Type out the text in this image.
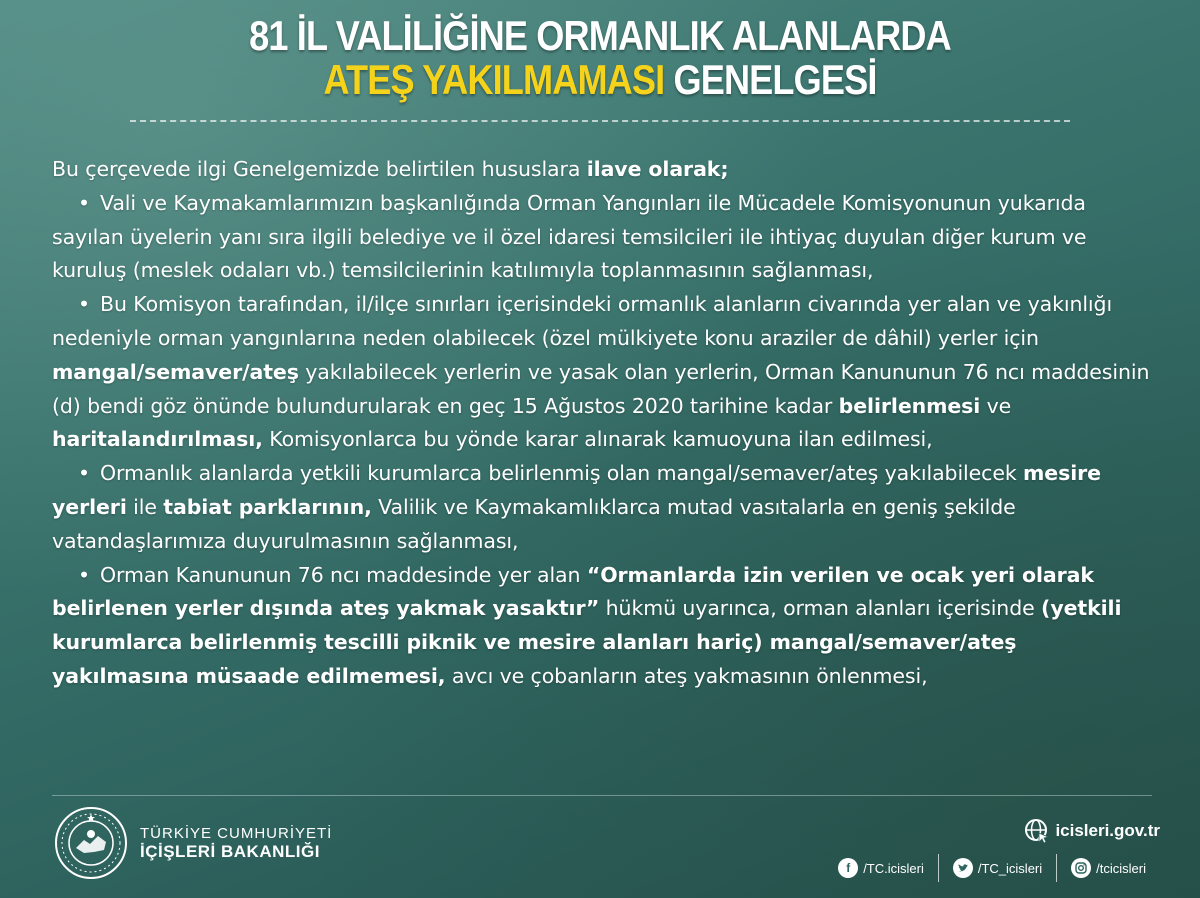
81 İL VALİLİĞİNE ORMANLIK ALANLARDA
ATEŞ YAKILMAMASI GENELGESİ

Bu çerçevede ilgi Genelgemizde belirtilen hususlara ilave olarak;

• Vali ve Kaymakamlarımızın başkanlığında Orman Yangınları ile Mücadele Komisyonunun yukarıda sayılan üyelerin yanı sıra ilgili belediye ve il özel idaresi temsilcileri ile ihtiyaç duyulan diğer kurum ve kuruluş (meslek odaları vb.) temsilcilerinin katılımıyla toplanmasının sağlanması,

• Bu Komisyon tarafından, il/ilçe sınırları içerisindeki ormanlık alanların civarında yer alan ve yakınlığı nedeniyle orman yangınlarına neden olabilecek (özel mülkiyete konu araziler de dâhil) yerler için mangal/semaver/ateş yakılabilecek yerlerin ve yasak olan yerlerin, Orman Kanununun 76 ncı maddesinin (d) bendi göz önünde bulundurularak en geç 15 Ağustos 2020 tarihine kadar belirlenmesi ve haritalandırılması, Komisyonlarca bu yönde karar alınarak kamuoyuna ilan edilmesi,

• Ormanlık alanlarda yetkili kurumlarca belirlenmiş olan mangal/semaver/ateş yakılabilecek mesire yerleri ile tabiat parklarının, Valilik ve Kaymakamlıklarca mutad vasıtalarla en geniş şekilde vatandaşlarımıza duyurulmasının sağlanması,

• Orman Kanununun 76 ncı maddesinde yer alan “Ormanlarda izin verilen ve ocak yeri olarak belirlenen yerler dışında ateş yakmak yasaktır” hükmü uyarınca, orman alanları içerisinde (yetkili kurumlarca belirlenmiş tescilli piknik ve mesire alanları hariç) mangal/semaver/ateş yakılmasına müsaade edilmemesi, avcı ve çobanların ateş yakmasının önlenmesi,

TÜRKİYE CUMHURİYETİ
İÇİŞLERİ BAKANLIĞI
icisleri.gov.tr
f	/TC.icisleri	/TC_icisleri	/tcicisleri
